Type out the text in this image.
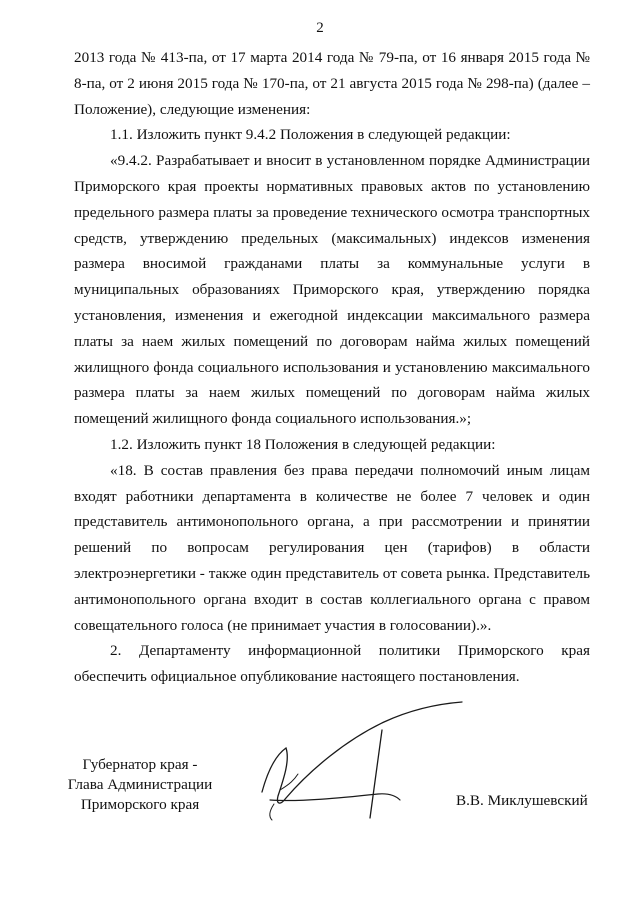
2

2013 года № 413-па, от 17 марта 2014 года № 79-па, от 16 января 2015 года № 8-па, от 2 июня 2015 года № 170-па, от 21 августа 2015 года № 298-па) (далее – Положение), следующие изменения:

1.1. Изложить пункт 9.4.2 Положения в следующей редакции:

«9.4.2. Разрабатывает и вносит в установленном порядке Администрации Приморского края проекты нормативных правовых актов по установлению предельного размера платы за проведение технического осмотра транспортных средств, утверждению предельных (максимальных) индексов изменения размера вносимой гражданами платы за коммунальные услуги в муниципальных образованиях Приморского края, утверждению порядка установления, изменения и ежегодной индексации максимального размера платы за наем жилых помещений по договорам найма жилых помещений жилищного фонда социального использования и установлению максимального размера платы за наем жилых помещений по договорам найма жилых помещений жилищного фонда социального использования.»;

1.2. Изложить пункт 18 Положения в следующей редакции:

«18. В состав правления без права передачи полномочий иным лицам входят работники департамента в количестве не более 7 человек и один представитель антимонопольного органа, а при рассмотрении и принятии решений по вопросам регулирования цен (тарифов) в области электроэнергетики - также один представитель от совета рынка. Представитель антимонопольного органа входит в состав коллегиального органа с правом совещательного голоса (не принимает участия в голосовании).».

2. Департаменту информационной политики Приморского края обеспечить официальное опубликование настоящего постановления.

Губернатор края -
Глава Администрации
Приморского края	В.В. Миклушевский
